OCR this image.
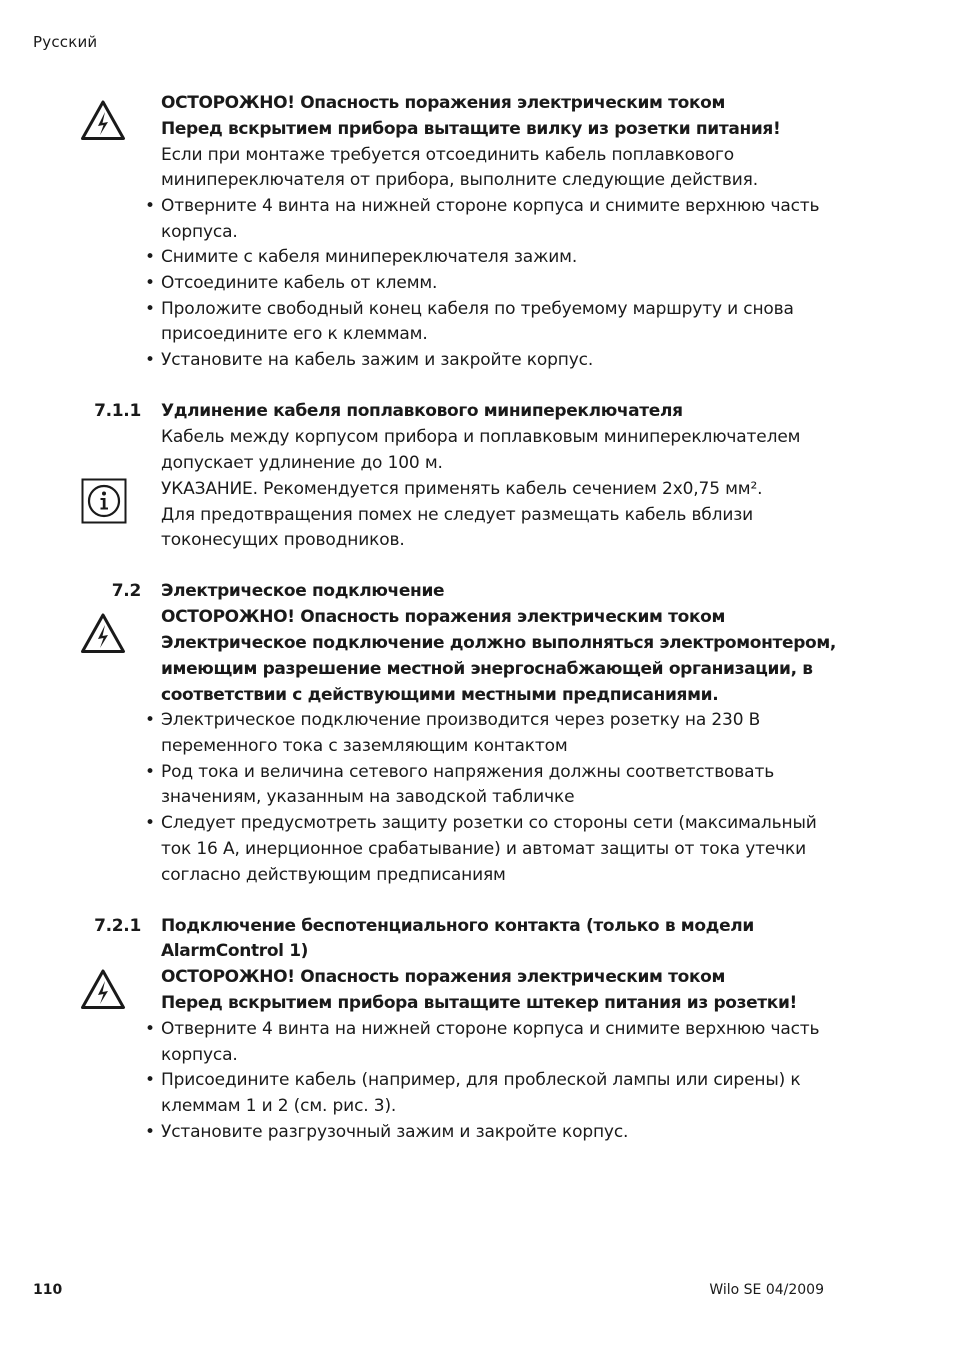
Русский
ОСТОРОЖНО! Опасность поражения электрическим током
Перед вскрытием прибора вытащите вилку из розетки питания!
Если при монтаже требуется отсоединить кабель поплавкового
минипереключателя от прибора, выполните следующие действия.
• Отверните 4 винта на нижней стороне корпуса и снимите верхнюю часть
корпуса.
• Снимите с кабеля минипереключателя зажим.
• Отсоедините кабель от клемм.
• Проложите свободный конец кабеля по требуемому маршруту и снова
присоедините его к клеммам.
• Установите на кабель зажим и закройте корпус.
7.1.1 Удлинение кабеля поплавкового минипереключателя
Кабель между корпусом прибора и поплавковым минипереключателем
допускает удлинение до 100 м.
УКАЗАНИЕ. Рекомендуется применять кабель сечением 2x0,75 мм².
Для предотвращения помех не следует размещать кабель вблизи
токонесущих проводников.
7.2 Электрическое подключение
ОСТОРОЖНО! Опасность поражения электрическим током
Электрическое подключение должно выполняться электромонтером,
имеющим разрешение местной энергоснабжающей организации, в
соответствии с действующими местными предписаниями.
• Электрическое подключение производится через розетку на 230 В
переменного тока с заземляющим контактом
• Род тока и величина сетевого напряжения должны соответствовать
значениям, указанным на заводской табличке
• Следует предусмотреть защиту розетки со стороны сети (максимальный
ток 16 А, инерционное срабатывание) и автомат защиты от тока утечки
согласно действующим предписаниям
7.2.1 Подключение беспотенциального контакта (только в модели
AlarmControl 1)
ОСТОРОЖНО! Опасность поражения электрическим током
Перед вскрытием прибора вытащите штекер питания из розетки!
• Отверните 4 винта на нижней стороне корпуса и снимите верхнюю часть
корпуса.
• Присоедините кабель (например, для проблеской лампы или сирены) к
клеммам 1 и 2 (см. рис. 3).
• Установите разгрузочный зажим и закройте корпус.
110	Wilo SE 04/2009
